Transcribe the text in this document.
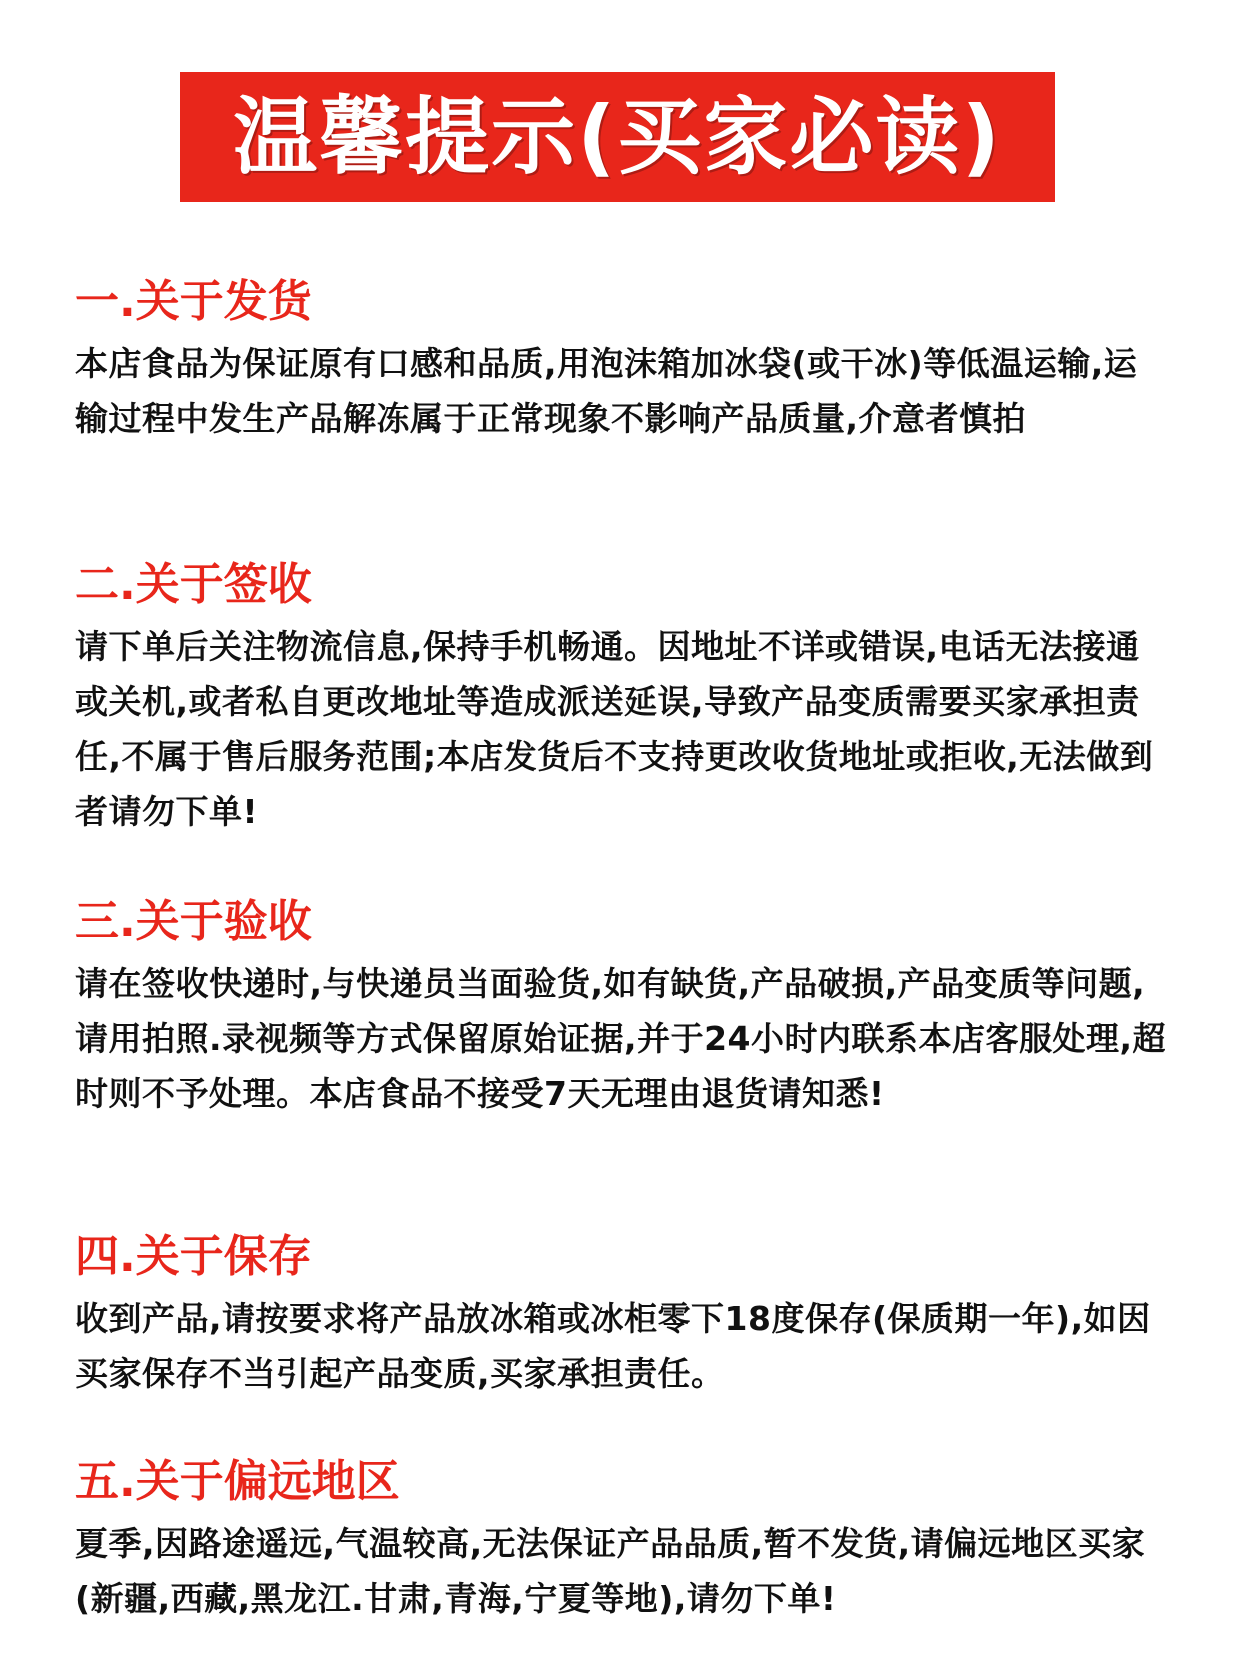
温馨提示(买家必读)
一.关于发货

本店食品为保证原有口感和品质,用泡沫箱加冰袋(或干冰)等低温运输,运输过程中发生产品解冻属于正常现象不影响产品质量,介意者慎拍

二.关于签收

请下单后关注物流信息,保持手机畅通。因地址不详或错误,电话无法接通或关机,或者私自更改地址等造成派送延误,导致产品变质需要买家承担责任,不属于售后服务范围;本店发货后不支持更改收货地址或拒收,无法做到者请勿下单!

三.关于验收

请在签收快递时,与快递员当面验货,如有缺货,产品破损,产品变质等问题,请用拍照.录视频等方式保留原始证据,并于24小时内联系本店客服处理,超时则不予处理。本店食品不接受7天无理由退货请知悉!

四.关于保存

收到产品,请按要求将产品放冰箱或冰柜零下18度保存(保质期一年),如因买家保存不当引起产品变质,买家承担责任。

五.关于偏远地区

夏季,因路途遥远,气温较高,无法保证产品品质,暂不发货,请偏远地区买家(新疆,西藏,黑龙江.甘肃,青海,宁夏等地),请勿下单!
